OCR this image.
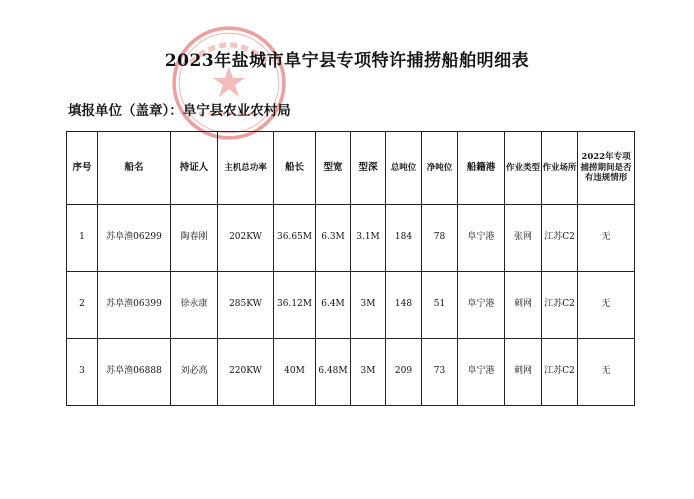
2023年盐城市阜宁县专项特许捕捞船舶明细表
填报单位（盖章）：阜宁县农业农村局
序号	船名	持证人	主机总功率	船长	型宽	型深	总吨位	净吨位	船籍港	作业类型	作业场所	2022年专项捕捞期间是否有违规情形
1	苏阜渔06299	陶春刚	202KW	36.65M	6.3M	3.1M	184	78	阜宁港	张网	江苏C2	无
2	苏阜渔06399	徐永康	285KW	36.12M	6.4M	3M	148	51	阜宁港	刺网	江苏C2	无
3	苏阜渔06888	刘必高	220KW	40M	6.48M	3M	209	73	阜宁港	刺网	江苏C2	无
